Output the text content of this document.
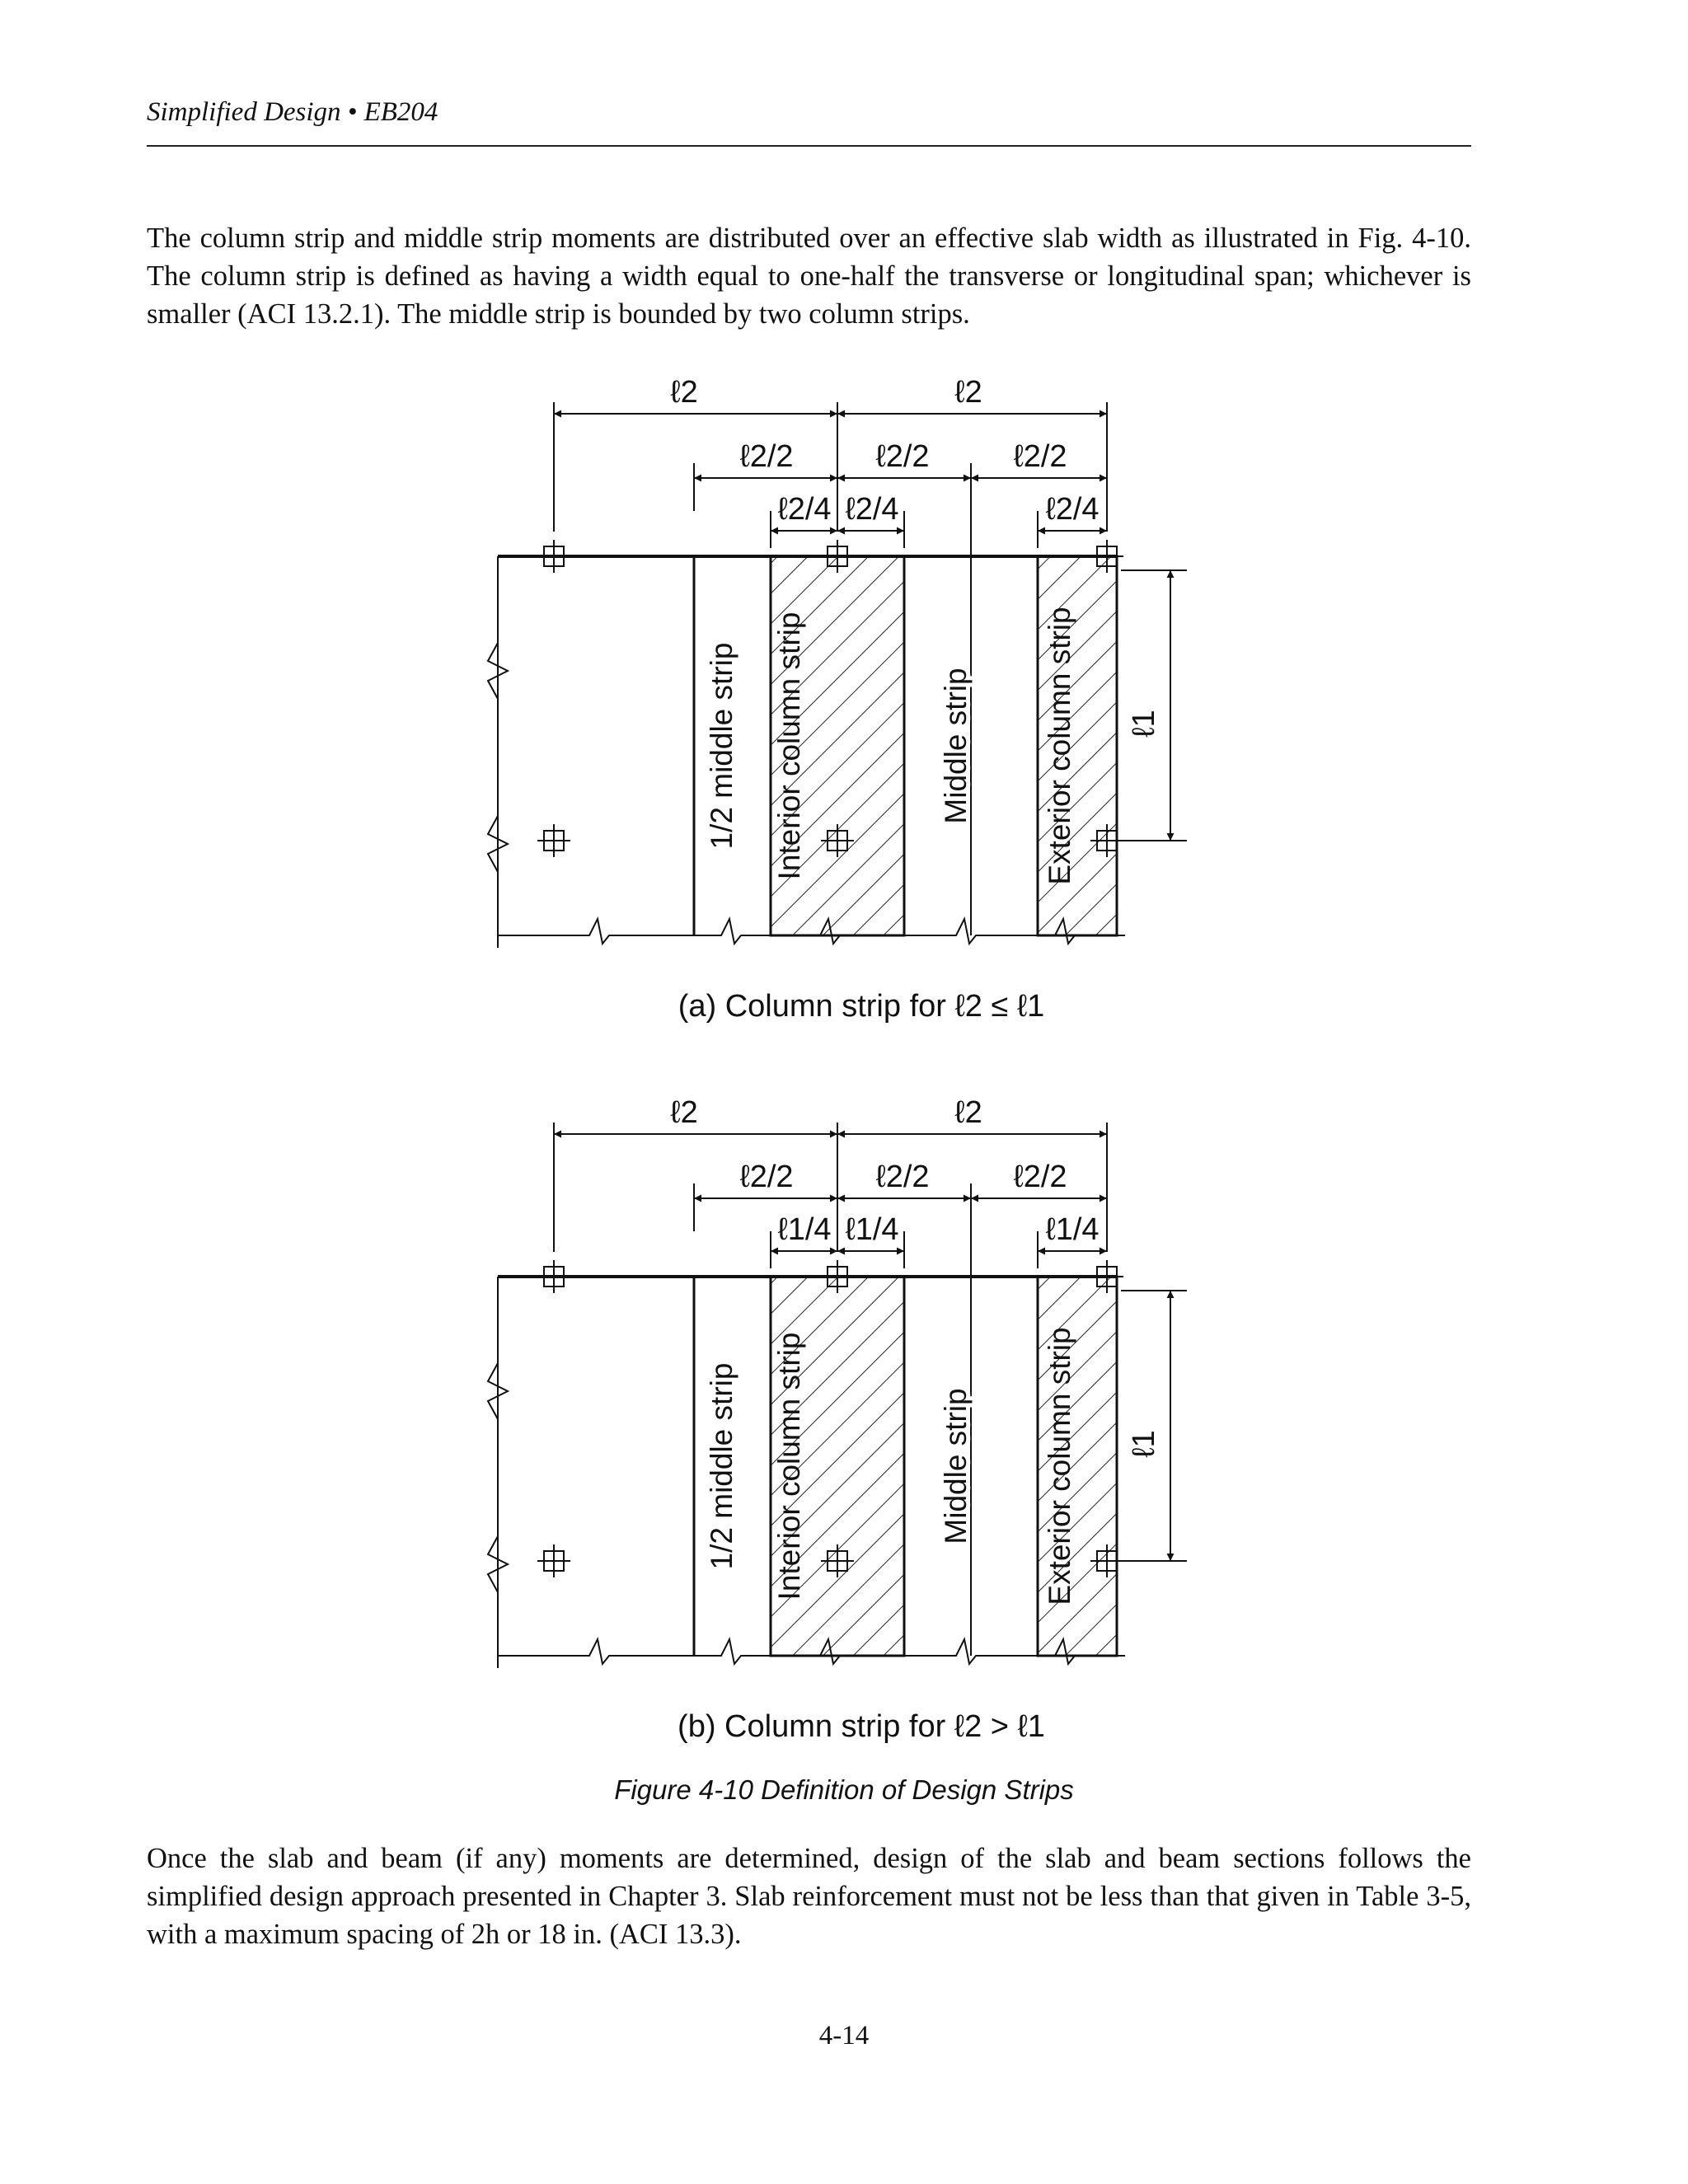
Simplified Design • EB204
The column strip and middle strip moments are distributed over an effective slab width as illustrated in Fig. 4-10. The column strip is defined as having a width equal to one-half the transverse or longitudinal span; whichever is smaller (ACI 13.2.1). The middle strip is bounded by two column strips.
ℓ2	ℓ2
ℓ2/2	ℓ2/2	ℓ2/2
ℓ2/4 ℓ2/4	ℓ2/4
ℓ1
1/2 middle strip Interior column strip	Middle strip Exterior column strip
(a) Column strip for ℓ2 ≤ ℓ1
ℓ2	ℓ2
ℓ2/2	ℓ2/2	ℓ2/2
ℓ1/4 ℓ1/4	ℓ1/4
ℓ1
1/2 middle strip Interior column strip	Middle strip Exterior column strip
(b) Column strip for ℓ2 > ℓ1
Figure 4-10 Definition of Design Strips
Once the slab and beam (if any) moments are determined, design of the slab and beam sections follows the simplified design approach presented in Chapter 3. Slab reinforcement must not be less than that given in Table 3-5, with a maximum spacing of 2h or 18 in. (ACI 13.3).
4-14
